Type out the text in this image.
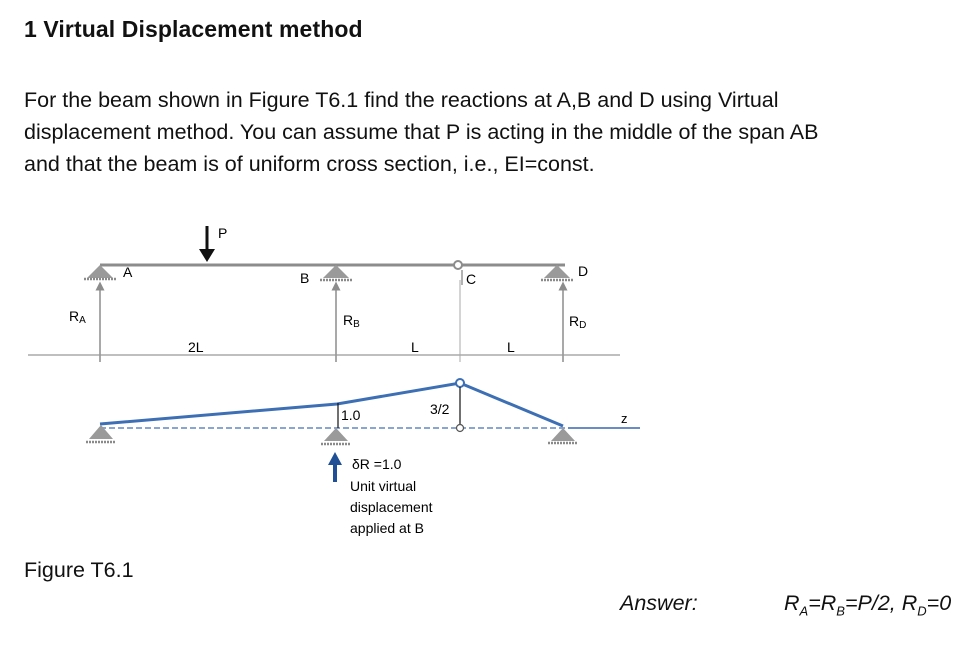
1 Virtual Displacement method

For the beam shown in Figure T6.1 find the reactions at A,B and D using Virtual
displacement method. You can assume that P is acting in the middle of the span AB
and that the beam is of uniform cross section, i.e., EI=const.

P
A	B	C	D
RA	RB	RD
2L	L	L
z
1.0	3/2
δR =1.0 Unit virtual displacement applied at B
Figure T6.1
Answer:	$R_A=R_B=P/2$, $R_D=0$
